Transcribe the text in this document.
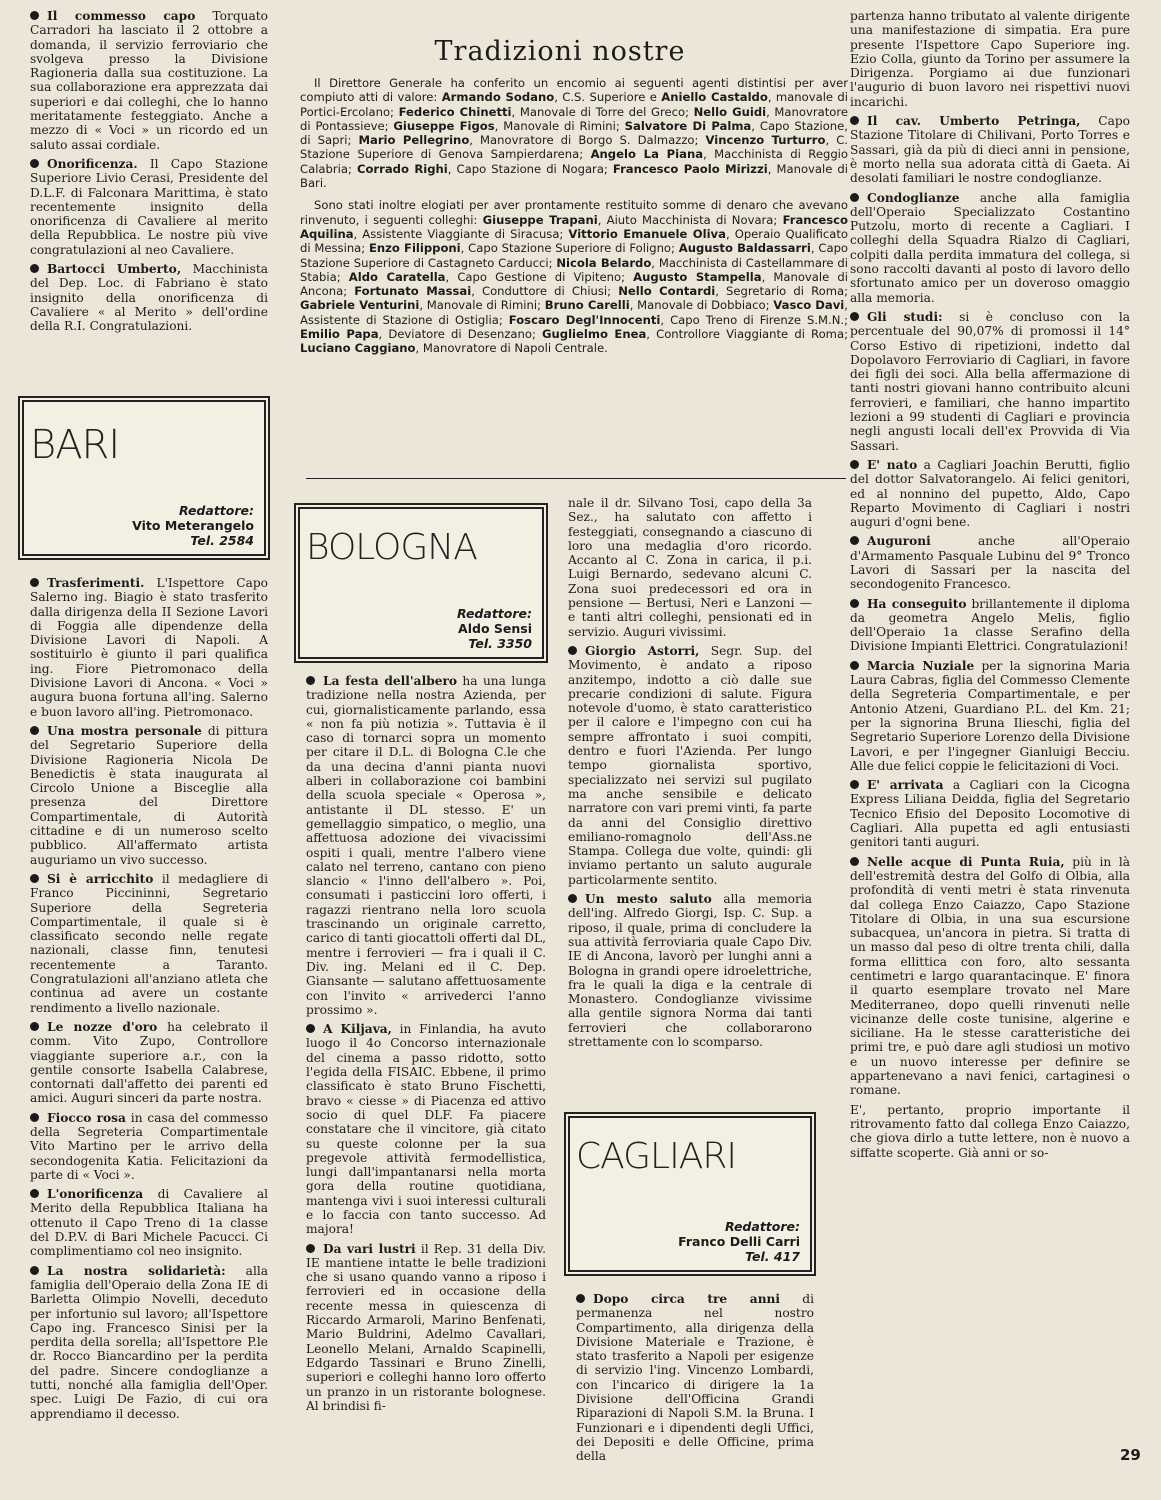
Il commesso capo Torquato Carradori ha lasciato il 2 ottobre a domanda, il servizio ferroviario che svolgeva presso la Divisione Ragioneria dalla sua costituzione. La sua collaborazione era apprezzata dai superiori e dai colleghi, che lo hanno meritatamente festeggiato. Anche a mezzo di « Voci » un ricordo ed un saluto assai cordiale.
Onorificenza. Il Capo Stazione Superiore Livio Cerasi, Presidente del D.L.F. di Falconara Marittima, è stato recentemente insignito della onorificenza di Cavaliere al merito della Repubblica. Le nostre più vive congratulazioni al neo Cavaliere.
Bartocci Umberto, Macchinista del Dep. Loc. di Fabriano è stato insignito della onorificenza di Cavaliere « al Merito » dell'ordine della R.I. Congratulazioni.
BARI
Redattore:
Vito Meterangelo
Tel. 2584
Trasferimenti. L'Ispettore Capo Salerno ing. Biagio è stato trasferito dalla dirigenza della II Sezione Lavori di Foggia alle dipendenze della Divisione Lavori di Napoli. A sostituirlo è giunto il pari qualifica ing. Fiore Pietromonaco della Divisione Lavori di Ancona. « Voci » augura buona fortuna all'ing. Salerno e buon lavoro all'ing. Pietromonaco.
Una mostra personale di pittura del Segretario Superiore della Divisione Ragioneria Nicola De Benedictis è stata inaugurata al Circolo Unione a Bisceglie alla presenza del Direttore Compartimentale, di Autorità cittadine e di un numeroso scelto pubblico. All'affermato artista auguriamo un vivo successo.
Si è arricchito il medagliere di Franco Piccininni, Segretario Superiore della Segreteria Compartimentale, il quale si è classificato secondo nelle regate nazionali, classe finn, tenutesi recentemente a Taranto. Congratulazioni all'anziano atleta che continua ad avere un costante rendimento a livello nazionale.
Le nozze d'oro ha celebrato il comm. Vito Zupo, Controllore viaggiante superiore a.r., con la gentile consorte Isabella Calabrese, contornati dall'affetto dei parenti ed amici. Auguri sinceri da parte nostra.
Fiocco rosa in casa del commesso della Segreteria Compartimentale Vito Martino per le arrivo della secondogenita Katia. Felicitazioni da parte di « Voci ».
L'onorificenza di Cavaliere al Merito della Repubblica Italiana ha ottenuto il Capo Treno di 1a classe del D.P.V. di Bari Michele Pacucci. Ci complimentiamo col neo insignito.
La nostra solidarietà: alla famiglia dell'Operaio della Zona IE di Barletta Olimpio Novelli, deceduto per infortunio sul lavoro; all'Ispettore Capo ing. Francesco Sinisi per la perdita della sorella; all'Ispettore P.le dr. Rocco Biancardino per la perdita del padre. Sincere condoglianze a tutti, nonché alla famiglia dell'Oper. spec. Luigi De Fazio, di cui ora apprendiamo il decesso.
Tradizioni nostre

Il Direttore Generale ha conferito un encomio ai seguenti agenti distintisi per aver compiuto atti di valore: Armando Sodano, C.S. Superiore e Aniello Castaldo, manovale di Portici-Ercolano; Federico Chinetti, Manovale di Torre del Greco; Nello Guidi, Manovratore di Pontassieve; Giuseppe Figos, Manovale di Rimini; Salvatore Di Palma, Capo Stazione, di Sapri; Mario Pellegrino, Manovratore di Borgo S. Dalmazzo; Vincenzo Turturro, C. Stazione Superiore di Genova Sampierdarena; Angelo La Piana, Macchinista di Reggio Calabria; Corrado Righi, Capo Stazione di Nogara; Francesco Paolo Mirizzi, Manovale di Bari.

Sono stati inoltre elogiati per aver prontamente restituito somme di denaro che avevano rinvenuto, i seguenti colleghi: Giuseppe Trapani, Aiuto Macchinista di Novara; Francesco Aquilina, Assistente Viaggiante di Siracusa; Vittorio Emanuele Oliva, Operaio Qualificato di Messina; Enzo Filipponi, Capo Stazione Superiore di Foligno; Augusto Baldassarri, Capo Stazione Superiore di Castagneto Carducci; Nicola Belardo, Macchinista di Castellammare di Stabia; Aldo Caratella, Capo Gestione di Vipiteno; Augusto Stampella, Manovale di Ancona; Fortunato Massai, Conduttore di Chiusi; Nello Contardi, Segretario di Roma; Gabriele Venturini, Manovale di Rimini; Bruno Carelli, Manovale di Dobbiaco; Vasco Davi, Assistente di Stazione di Ostiglia; Foscaro Degl'Innocenti, Capo Treno di Firenze S.M.N.; Emilio Papa, Deviatore di Desenzano; Guglielmo Enea, Controllore Viaggiante di Roma; Luciano Caggiano, Manovratore di Napoli Centrale.

BOLOGNA
Redattore:
Aldo Sensi
Tel. 3350
La festa dell'albero ha una lunga tradizione nella nostra Azienda, per cui, giornalisticamente parlando, essa « non fa più notizia ». Tuttavia è il caso di tornarci sopra un momento per citare il D.L. di Bologna C.le che da una decina d'anni pianta nuovi alberi in collaborazione coi bambini della scuola speciale « Operosa », antistante il DL stesso. E' un gemellaggio simpatico, o meglio, una affettuosa adozione dei vivacissimi ospiti i quali, mentre l'albero viene calato nel terreno, cantano con pieno slancio « l'inno dell'albero ». Poi, consumati i pasticcini loro offerti, i ragazzi rientrano nella loro scuola trascinando un originale carretto, carico di tanti giocattoli offerti dal DL, mentre i ferrovieri — fra i quali il C. Div. ing. Melani ed il C. Dep. Giansante — salutano affettuosamente con l'invito « arrivederci l'anno prossimo ».
A Kiljava, in Finlandia, ha avuto luogo il 4o Concorso internazionale del cinema a passo ridotto, sotto l'egida della FISAIC. Ebbene, il primo classificato è stato Bruno Fischetti, bravo « ciesse » di Piacenza ed attivo socio di quel DLF. Fa piacere constatare che il vincitore, già citato su queste colonne per la sua pregevole attività fermodellistica, lungi dall'impantanarsi nella morta gora della routine quotidiana, mantenga vivi i suoi interessi culturali e lo faccia con tanto successo. Ad majora!
Da vari lustri il Rep. 31 della Div. IE mantiene intatte le belle tradizioni che si usano quando vanno a riposo i ferrovieri ed in occasione della recente messa in quiescenza di Riccardo Armaroli, Marino Benfenati, Mario Buldrini, Adelmo Cavallari, Leonello Melani, Arnaldo Scapinelli, Edgardo Tassinari e Bruno Zinelli, superiori e colleghi hanno loro offerto un pranzo in un ristorante bolognese. Al brindisi fi-

nale il dr. Silvano Tosi, capo della 3a Sez., ha salutato con affetto i festeggiati, consegnando a ciascuno di loro una medaglia d'oro ricordo. Accanto al C. Zona in carica, il p.i. Luigi Bernardo, sedevano alcuni C. Zona suoi predecessori ed ora in pensione — Bertusi, Neri e Lanzoni — e tanti altri colleghi, pensionati ed in servizio. Auguri vivissimi.

Giorgio Astorri, Segr. Sup. del Movimento, è andato a riposo anzitempo, indotto a ciò dalle sue precarie condizioni di salute. Figura notevole d'uomo, è stato caratteristico per il calore e l'impegno con cui ha sempre affrontato i suoi compiti, dentro e fuori l'Azienda. Per lungo tempo giornalista sportivo, specializzato nei servizi sul pugilato ma anche sensibile e delicato narratore con vari premi vinti, fa parte da anni del Consiglio direttivo emiliano-romagnolo dell'Ass.ne Stampa. Collega due volte, quindi: gli inviamo pertanto un saluto augurale particolarmente sentito.
Un mesto saluto alla memoria dell'ing. Alfredo Giorgi, Isp. C. Sup. a riposo, il quale, prima di concludere la sua attività ferroviaria quale Capo Div. IE di Ancona, lavorò per lunghi anni a Bologna in grandi opere idroelettriche, fra le quali la diga e la centrale di Monastero. Condoglianze vivissime alla gentile signora Norma dai tanti ferrovieri che collaborarono strettamente con lo scomparso.
CAGLIARI
Redattore:
Franco Delli Carri
Tel. 417
Dopo circa tre anni di permanenza nel nostro Compartimento, alla dirigenza della Divisione Materiale e Trazione, è stato trasferito a Napoli per esigenze di servizio l'ing. Vincenzo Lombardi, con l'incarico di dirigere la 1a Divisione dell'Officina Grandi Riparazioni di Napoli S.M. la Bruna. I Funzionari e i dipendenti degli Uffici, dei Depositi e delle Officine, prima della

partenza hanno tributato al valente dirigente una manifestazione di simpatia. Era pure presente l'Ispettore Capo Superiore ing. Ezio Colla, giunto da Torino per assumere la Dirigenza. Porgiamo ai due funzionari l'augurio di buon lavoro nei rispettivi nuovi incarichi.

Il cav. Umberto Petringa, Capo Stazione Titolare di Chilivani, Porto Torres e Sassari, già da più di dieci anni in pensione, è morto nella sua adorata città di Gaeta. Ai desolati familiari le nostre condoglianze.
Condoglianze anche alla famiglia dell'Operaio Specializzato Costantino Putzolu, morto di recente a Cagliari. I colleghi della Squadra Rialzo di Cagliari, colpiti dalla perdita immatura del collega, si sono raccolti davanti al posto di lavoro dello sfortunato amico per un doveroso omaggio alla memoria.
Gli studi: si è concluso con la percentuale del 90,07% di promossi il 14° Corso Estivo di ripetizioni, indetto dal Dopolavoro Ferroviario di Cagliari, in favore dei figli dei soci. Alla bella affermazione di tanti nostri giovani hanno contribuito alcuni ferrovieri, e familiari, che hanno impartito lezioni a 99 studenti di Cagliari e provincia negli angusti locali dell'ex Provvida di Via Sassari.
E' nato a Cagliari Joachin Berutti, figlio del dottor Salvatorangelo. Ai felici genitori, ed al nonnino del pupetto, Aldo, Capo Reparto Movimento di Cagliari i nostri auguri d'ogni bene.
Auguroni anche all'Operaio d'Armamento Pasquale Lubinu del 9° Tronco Lavori di Sassari per la nascita del secondogenito Francesco.
Ha conseguito brillantemente il diploma da geometra Angelo Melis, figlio dell'Operaio 1a classe Serafino della Divisione Impianti Elettrici. Congratulazioni!
Marcia Nuziale per la signorina Maria Laura Cabras, figlia del Commesso Clemente della Segreteria Compartimentale, e per Antonio Atzeni, Guardiano P.L. del Km. 21; per la signorina Bruna Ilieschi, figlia del Segretario Superiore Lorenzo della Divisione Lavori, e per l'ingegner Gianluigi Becciu. Alle due felici coppie le felicitazioni di Voci.
E' arrivata a Cagliari con la Cicogna Express Liliana Deidda, figlia del Segretario Tecnico Efisio del Deposito Locomotive di Cagliari. Alla pupetta ed agli entusiasti genitori tanti auguri.
Nelle acque di Punta Ruia, più in là dell'estremità destra del Golfo di Olbia, alla profondità di venti metri è stata rinvenuta dal collega Enzo Caiazzo, Capo Stazione Titolare di Olbia, in una sua escursione subacquea, un'ancora in pietra. Si tratta di un masso dal peso di oltre trenta chili, dalla forma ellittica con foro, alto sessanta centimetri e largo quarantacinque. E' finora il quarto esemplare trovato nel Mare Mediterraneo, dopo quelli rinvenuti nelle vicinanze delle coste tunisine, algerine e siciliane. Ha le stesse caratteristiche dei primi tre, e può dare agli studiosi un motivo e un nuovo interesse per definire se appartenevano a navi fenici, cartaginesi o romane.

E', pertanto, proprio importante il ritrovamento fatto dal collega Enzo Caiazzo, che giova dirlo a tutte lettere, non è nuovo a siffatte scoperte. Già anni or so-

29
